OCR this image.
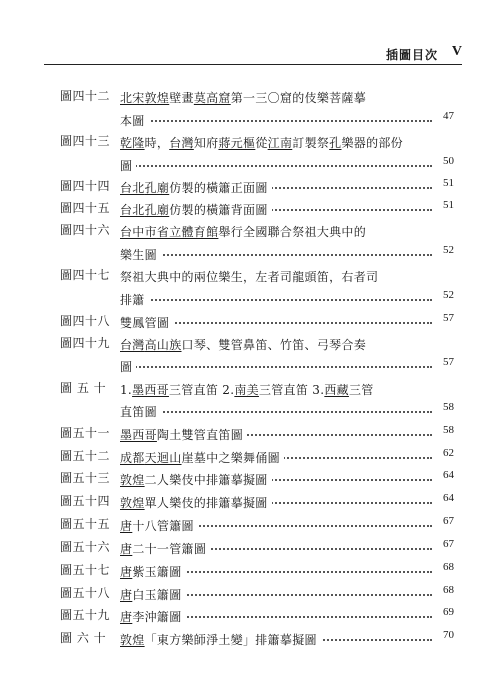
插圖目次 V
圖四十二 北宋敦煌壁畫莫高窟第一三〇窟的伎樂菩薩摹
本圖	47
圖四十三 乾隆時，台灣知府蔣元樞從江南訂製祭孔樂器的部份
圖	50
圖四十四 台北孔廟仿製的橫簫正面圖	51
圖四十五 台北孔廟仿製的橫簫背面圖	51
圖四十六 台中市省立體育館舉行全國聯合祭祖大典中的
樂生圖	52
圖四十七 祭祖大典中的兩位樂生，左者司龍頭笛，右者司
排簫	52
圖四十八 雙鳳管圖	57
圖四十九 台灣高山族口琴、雙管鼻笛、竹笛、弓琴合奏
圖	57
圖 五 十 1.墨西哥三管直笛 2.南美三管直笛 3.西藏三管
直笛圖	58
圖五十一 墨西哥陶土雙管直笛圖	58
圖五十二 成都天迴山崖墓中之樂舞俑圖	62
圖五十三 敦煌二人樂伎中排簫摹擬圖	64
圖五十四 敦煌單人樂伎的排簫摹擬圖	64
圖五十五 唐十八管簫圖	67
圖五十六 唐二十一管簫圖	67
圖五十七 唐紫玉簫圖	68
圖五十八 唐白玉簫圖	68
圖五十九 唐李沖簫圖	69
圖 六 十 敦煌「東方樂師淨土變」排簫摹擬圖	70
